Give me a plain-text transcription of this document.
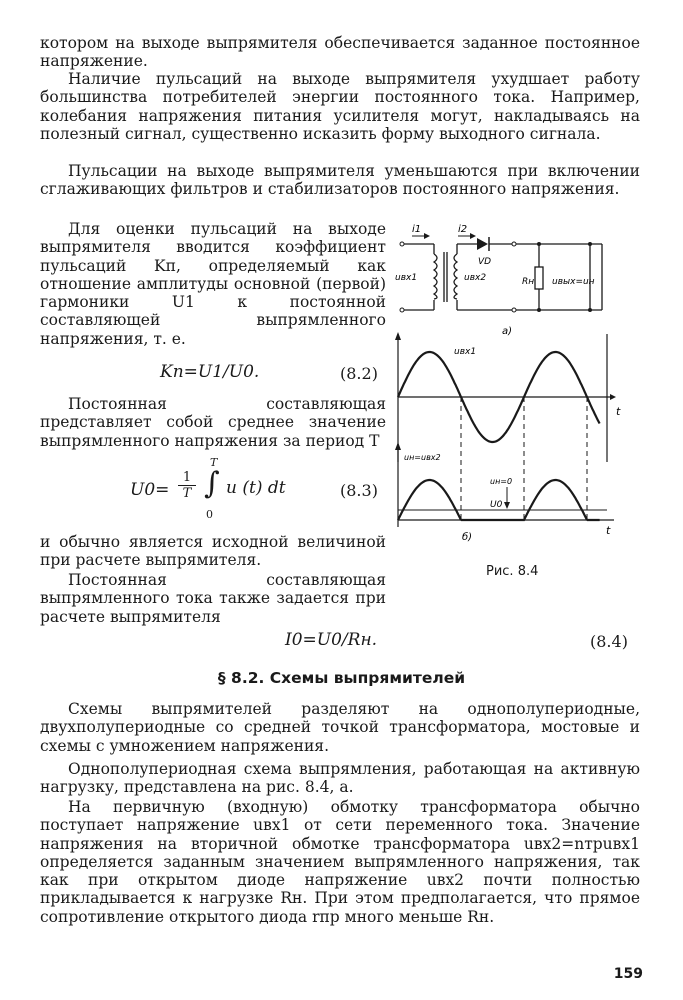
котором на выходе выпрямителя обеспечивается заданное постоянное напряжение.

Наличие пульсаций на выходе выпрямителя ухудшает работу большинства потребителей энергии постоянного тока. Например, колебания напряжения питания усилителя могут, накладываясь на полезный сигнал, существенно исказить форму выходного сигнала.

Пульсации на выходе выпрямителя уменьшаются при включении сглаживающих фильтров и стабилизаторов постоянного напряжения.

Для оценки пульсаций на выходе выпрямителя вводится коэффициент пульсаций Kп, определяемый как отношение амплитуды основной (первой) гармоники U1 к постоянной составляющей выпрямленного напряжения, т. е.

Kп=U1/U0.	(8.2)

Постоянная составляющая представляет собой среднее значение выпрямленного напряжения за период T

$U0= \frac{1}{T}$ ∫
T
0
u (t) dt	(8.3)

и обычно является исходной величиной при расчете выпрямителя.

Постоянная составляющая выпрямленного тока также задается при расчете выпрямителя

I0=U0/Rн.	(8.4)
§ 8.2. Схемы выпрямителей

Схемы выпрямителей разделяют на однополупериодные, двухполупериодные со средней точкой трансформатора, мостовые и схемы с умножением напряжения.

Однополупериодная схема выпрямления, работающая на активную нагрузку, представлена на рис. 8.4, а.

На первичную (входную) обмотку трансформатора обычно поступает напряжение uвх1 от сети переменного тока. Значение напряжения на вторичной обмотке трансформатора uвх2=nтрuвх1 определяется заданным значением выпрямленного напряжения, так как при открытом диоде напряжение uвх2 почти полностью прикладывается к нагрузке Rн. При этом предполагается, что прямое сопротивление открытого диода rпр много меньше Rн.

i1	i2
VD
uвх1	uвх2	Rн uвых=uн
а)
uвх1
t
uн=uвх2
uн=0
U0
б)
t
Рис. 8.4
159
